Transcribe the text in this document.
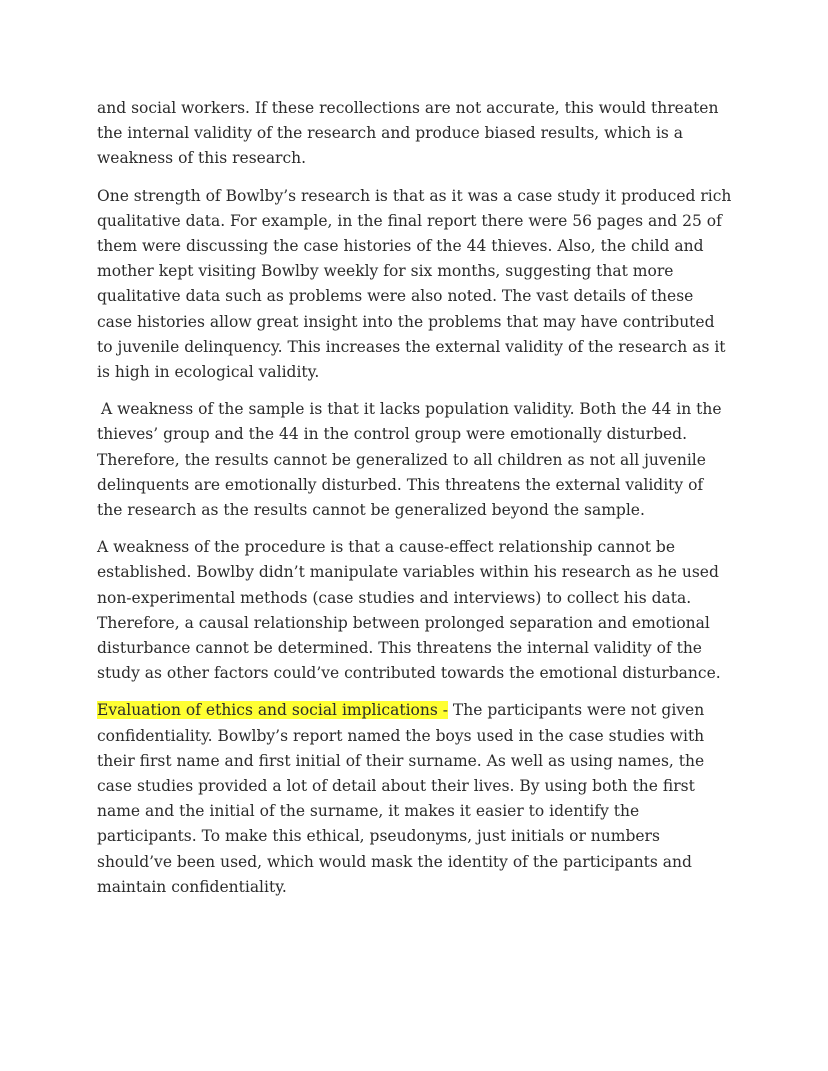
and social workers. If these recollections are not accurate, this would threaten the internal validity of the research and produce biased results, which is a weakness of this research.

One strength of Bowlby’s research is that as it was a case study it produced rich qualitative data. For example, in the final report there were 56 pages and 25 of them were discussing the case histories of the 44 thieves. Also, the child and mother kept visiting Bowlby weekly for six months, suggesting that more qualitative data such as problems were also noted. The vast details of these case histories allow great insight into the problems that may have contributed to juvenile delinquency. This increases the external validity of the research as it is high in ecological validity.

A weakness of the sample is that it lacks population validity. Both the 44 in the thieves’ group and the 44 in the control group were emotionally disturbed. Therefore, the results cannot be generalized to all children as not all juvenile delinquents are emotionally disturbed. This threatens the external validity of the research as the results cannot be generalized beyond the sample.

A weakness of the procedure is that a cause-effect relationship cannot be established. Bowlby didn’t manipulate variables within his research as he used non-experimental methods (case studies and interviews) to collect his data. Therefore, a causal relationship between prolonged separation and emotional disturbance cannot be determined. This threatens the internal validity of the study as other factors could’ve contributed towards the emotional disturbance.

Evaluation of ethics and social implications - The participants were not given confidentiality. Bowlby’s report named the boys used in the case studies with their first name and first initial of their surname. As well as using names, the case studies provided a lot of detail about their lives. By using both the first name and the initial of the surname, it makes it easier to identify the participants. To make this ethical, pseudonyms, just initials or numbers should’ve been used, which would mask the identity of the participants and maintain confidentiality.
